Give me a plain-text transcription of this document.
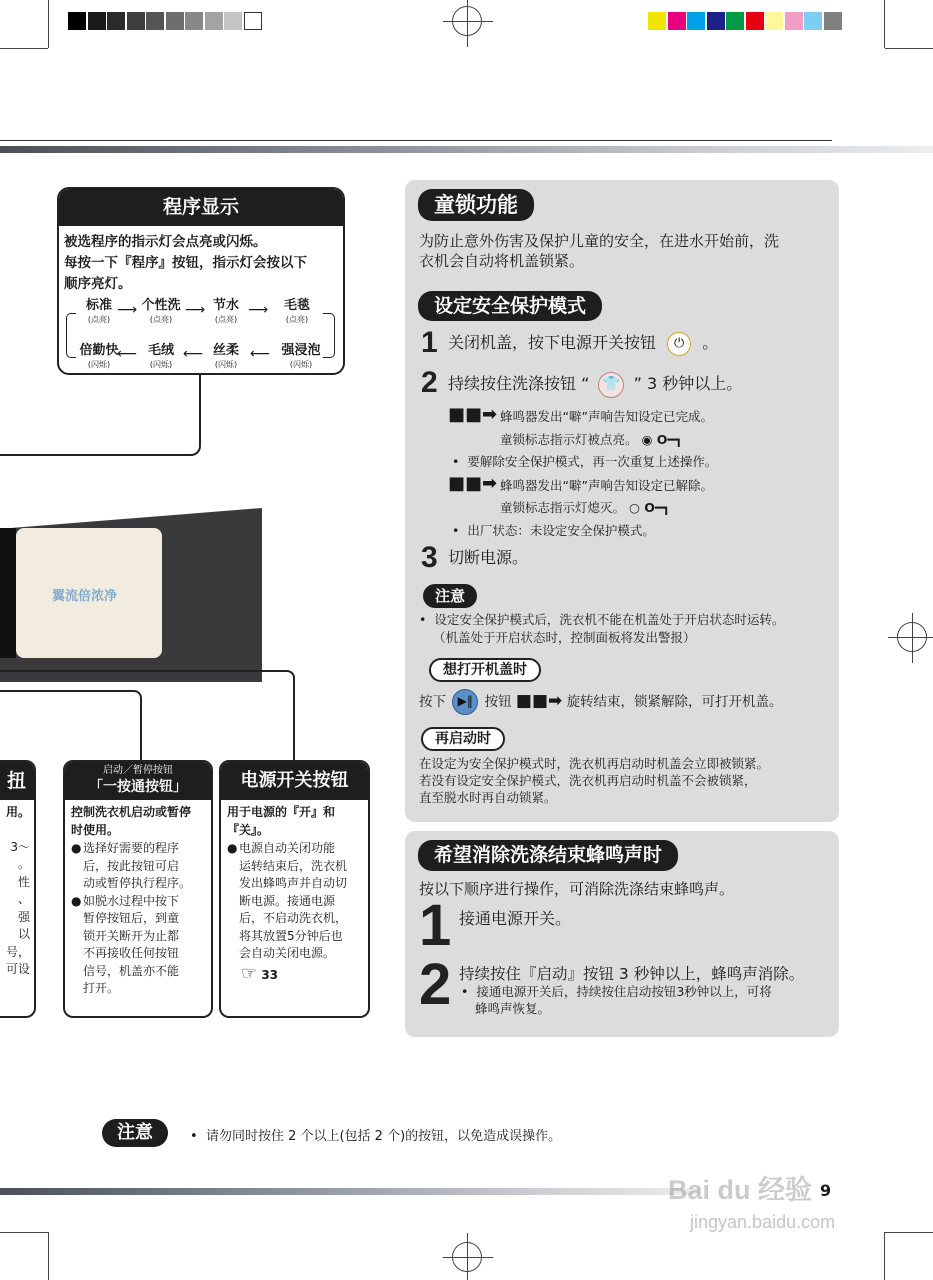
程序显示
被选程序的指示灯会点亮或闪烁。
每按一下『程序』按钮，指示灯会按以下
顺序亮灯。
标准
(点亮)
⟶ 个性洗
(点亮)
⟶ 节水
(点亮)
⟶	毛毯
(点亮)
倍勤快
(闪烁)
⟵ 毛绒
(闪烁)
⟵ 丝柔
(闪烁)
⟵ 强浸泡
(闪烁)
翼流倍浓净
扭
用。
3～
。
性
、
强
以
号，
可设
启动／暂停按钮
「一按通按钮」
控制洗衣机启动或暂停时使用。
● 选择好需要的程序
后，按此按钮可启
动或暂停执行程序。
● 如脱水过程中按下
暂停按钮后，到童
锁开关断开为止都
不再接收任何按钮
信号，机盖亦不能
打开。
电源开关按钮
用于电源的『开』和
『关』。
● 电源自动关闭功能
运转结束后，洗衣机
发出蜂鸣声并自动切
断电源。接通电源
后，不启动洗衣机，
将其放置5分钟后也
会自动关闭电源。
☞ 33
童锁功能
为防止意外伤害及保护儿童的安全，在进水开始前，洗
衣机会自动将机盖锁紧。
设定安全保护模式
1 关闭机盖，按下电源开关按钮 ⏻ 。
2 持续按住洗涤按钮 “ 👕 ” 3 秒钟以上。
■■➡ 蜂鸣器发出“噼”声响告知设定已完成。
童锁标志指示灯被点亮。 ◉ O━┓
•  要解除安全保护模式，再一次重复上述操作。
■■➡ 蜂鸣器发出“噼”声响告知设定已解除。
童锁标志指示灯熄灭。 ○ O━┓
•  出厂状态：未设定安全保护模式。
3 切断电源。
注意
•  设定安全保护模式后，洗衣机不能在机盖处于开启状态时运转。
（机盖处于开启状态时，控制面板将发出警报）
想打开机盖时
按下 ▶‖ 按钮 ■■➡ 旋转结束，锁紧解除，可打开机盖。
再启动时
在设定为安全保护模式时，洗衣机再启动时机盖会立即被锁紧。
若没有设定安全保护模式，洗衣机再启动时机盖不会被锁紧，
直至脱水时再自动锁紧。
希望消除洗涤结束蜂鸣声时
按以下顺序进行操作，可消除洗涤结束蜂鸣声。
1 接通电源开关。
2 持续按住『启动』按钮 3 秒钟以上，蜂鸣声消除。
•  接通电源开关后，持续按住启动按钮3秒钟以上，可将
蜂鸣声恢复。
注意	•  请勿同时按住 2 个以上(包括 2 个)的按钮，以免造成误操作。
9
Bai du 经验
jingyan.baidu.com
